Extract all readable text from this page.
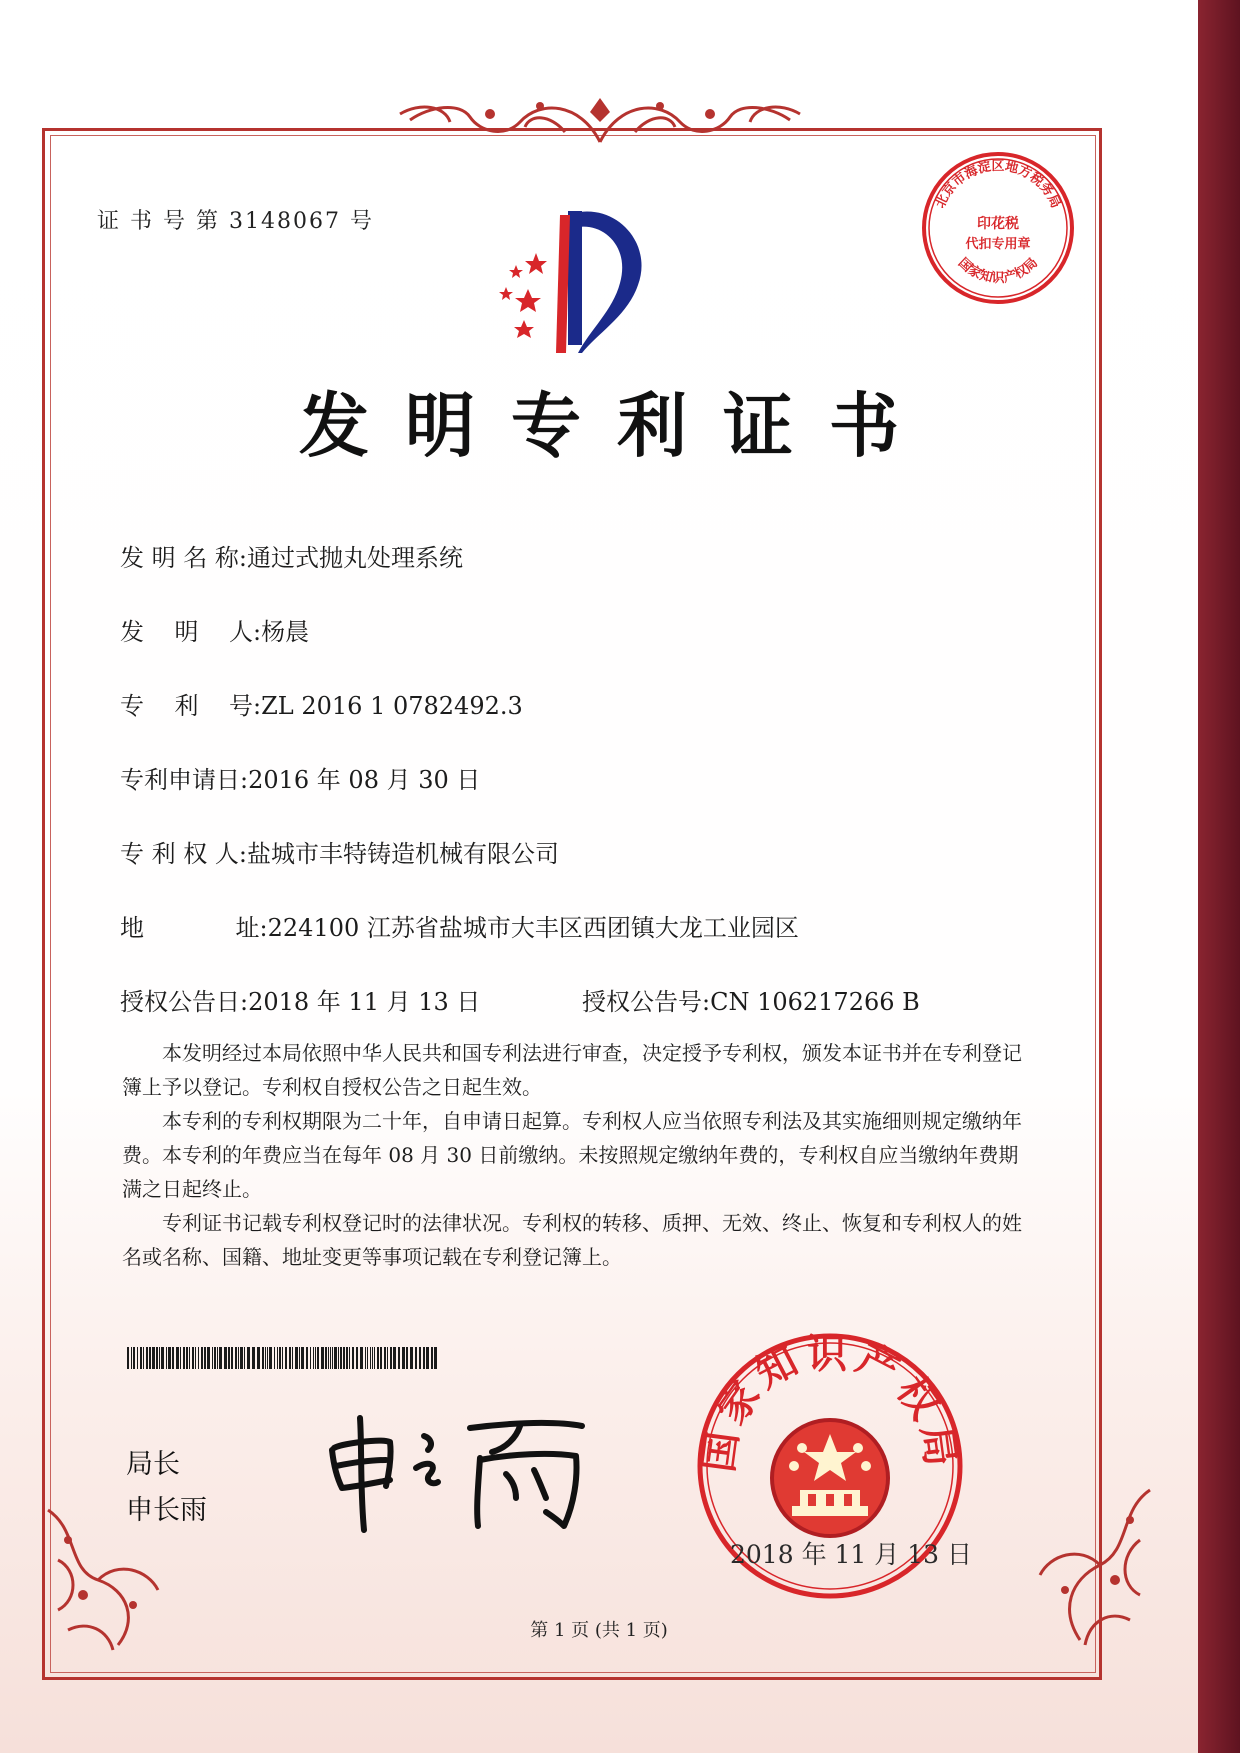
证 书 号 第 3148067 号
北京市海淀区地方税务局
印花税
代扣专用章
国家知识产权局
发明专利证书
发 明 名 称:通过式抛丸处理系统
发    明    人:杨晨
专    利    号:ZL 2016 1 0782492.3
专利申请日:2016 年 08 月 30 日
专 利 权 人:盐城市丰特铸造机械有限公司
地            址:224100 江苏省盐城市大丰区西团镇大龙工业园区
授权公告日:2018 年 11 月 13 日	授权公告号:CN 106217266 B

本发明经过本局依照中华人民共和国专利法进行审查，决定授予专利权，颁发本证书并在专利登记簿上予以登记。专利权自授权公告之日起生效。

本专利的专利权期限为二十年，自申请日起算。专利权人应当依照专利法及其实施细则规定缴纳年费。本专利的年费应当在每年 08 月 30 日前缴纳。未按照规定缴纳年费的，专利权自应当缴纳年费期满之日起终止。

专利证书记载专利权登记时的法律状况。专利权的转移、质押、无效、终止、恢复和专利权人的姓名或名称、国籍、地址变更等事项记载在专利登记簿上。

局长
申长雨
国家知识产权局
2018 年 11 月 13 日
第 1 页 (共 1 页)
